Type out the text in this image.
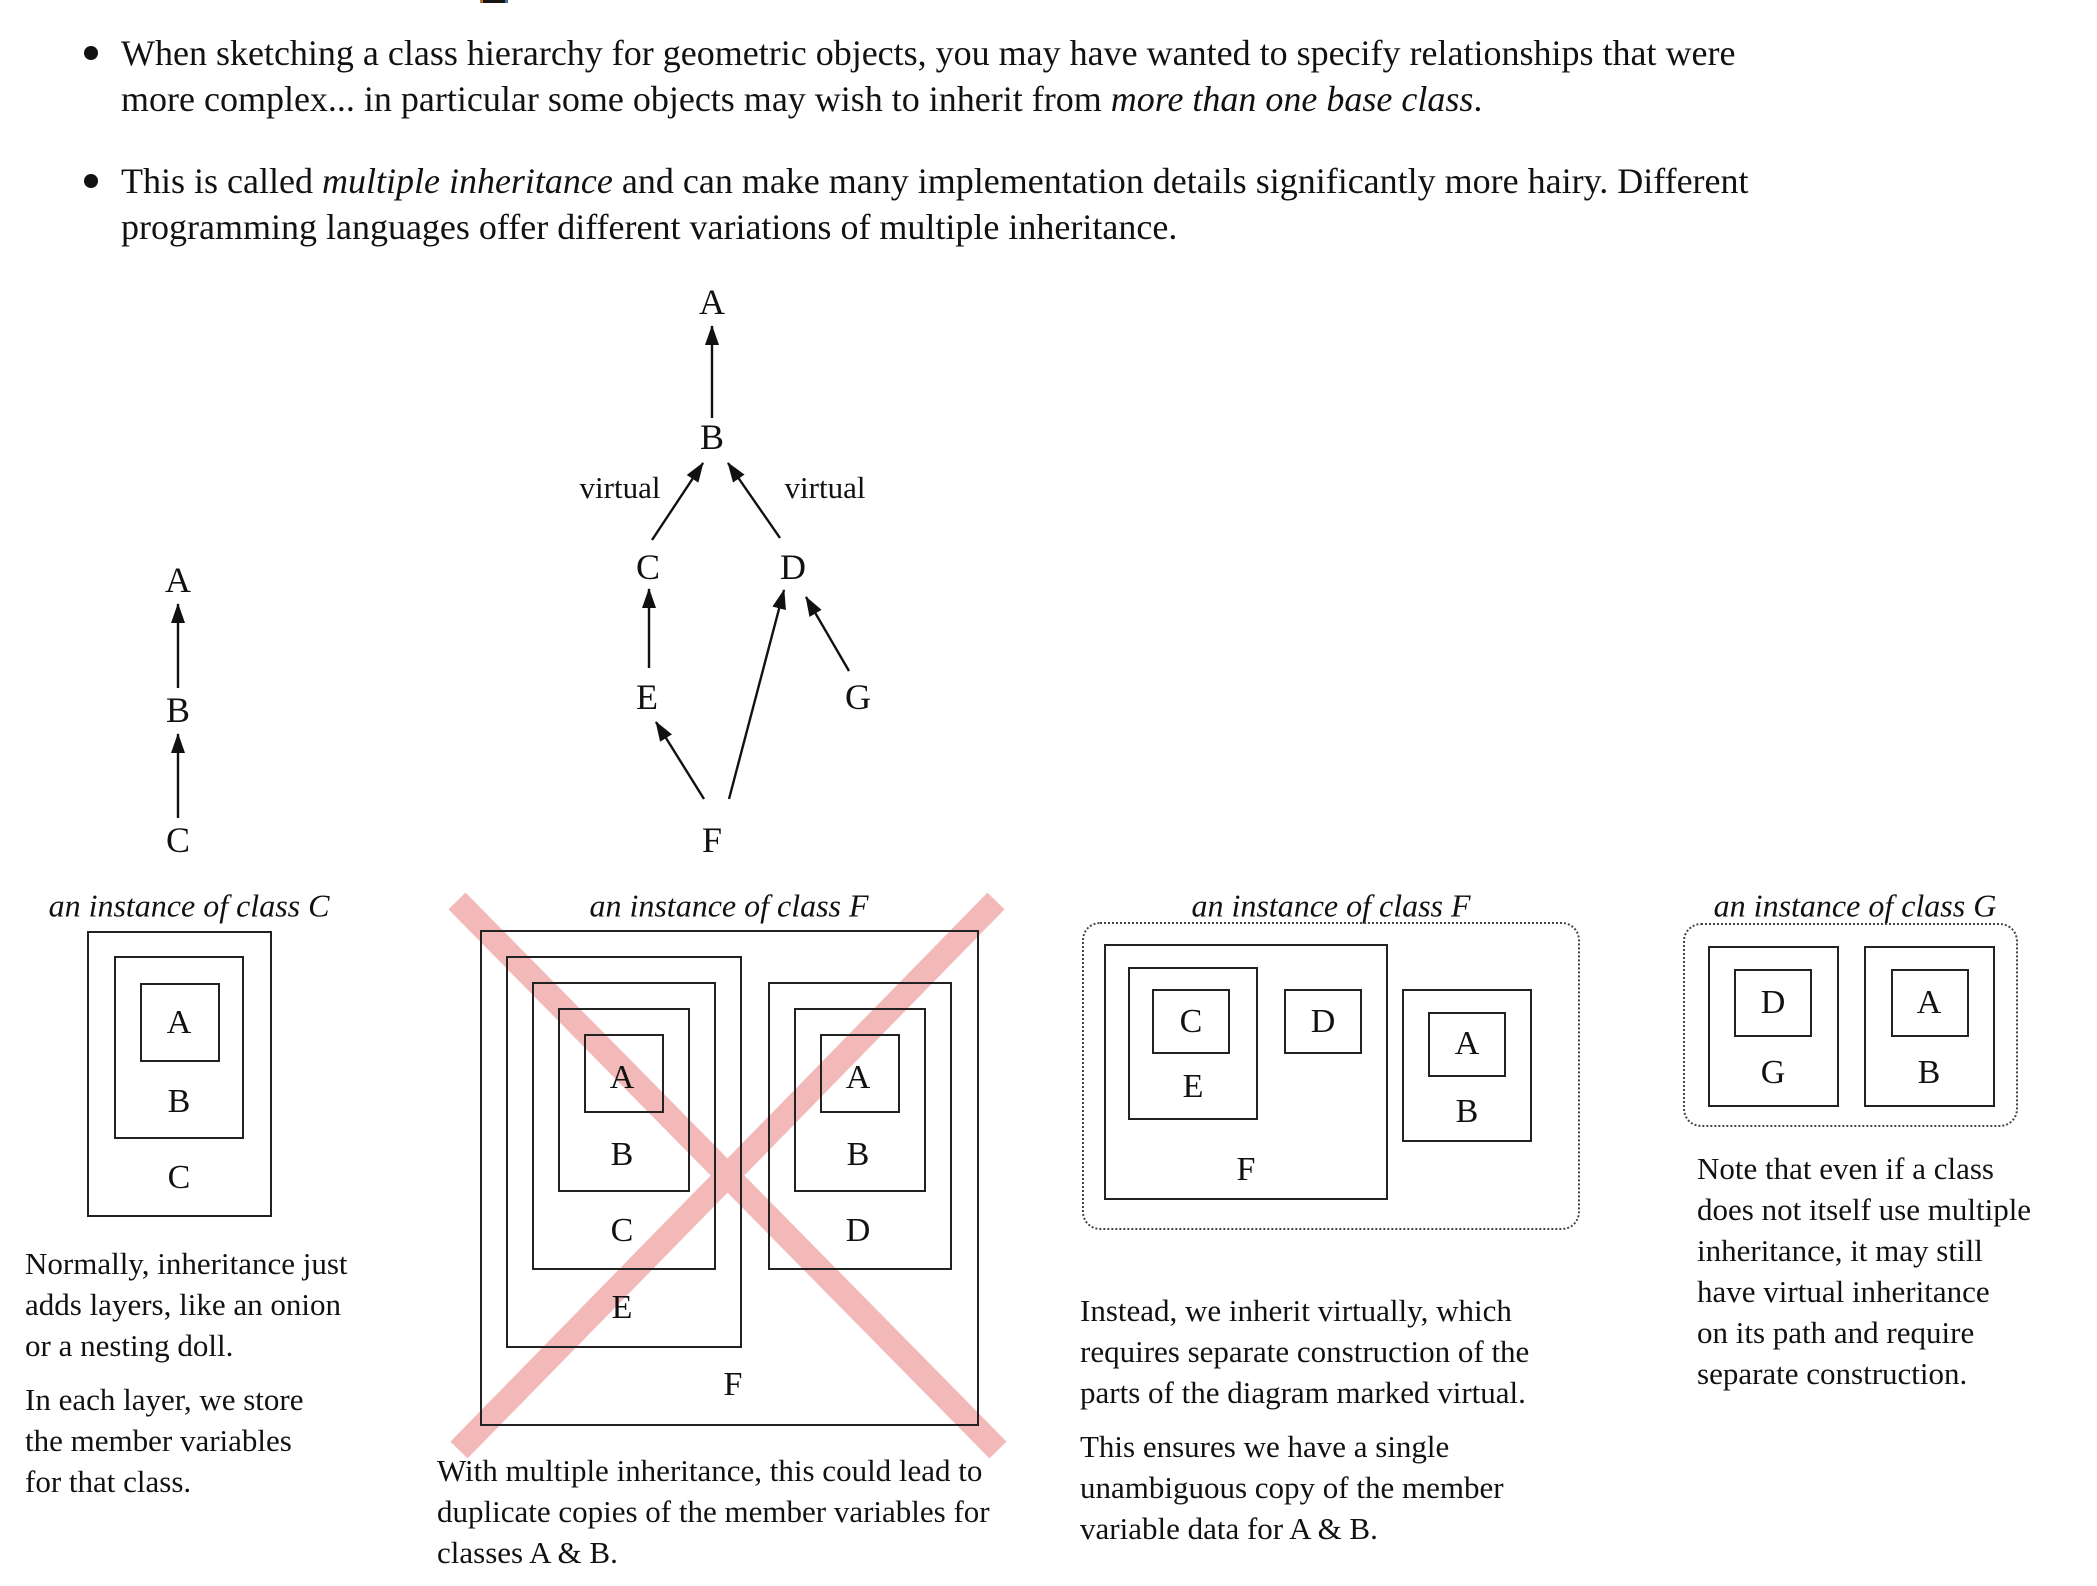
When sketching a class hierarchy for geometric objects, you may have wanted to specify relationships that were
more complex... in particular some objects may wish to inherit from more than one base class.
This is called multiple inheritance and can make many implementation details significantly more hairy. Different
programming languages offer different variations of multiple inheritance.
A
B
C
A
B
C	D
E	G
F
virtual	virtual
an instance of class C
C
B
A
Normally, inheritance just
adds layers, like an onion
or a nesting doll.
In each layer, we store
the member variables
for that class.
an instance of class F
F
E
C
B
A
D
B
A
With multiple inheritance, this could lead to
duplicate copies of the member variables for
classes A & B.
an instance of class F
F
E
C	D
B
A
Instead, we inherit virtually, which
requires separate construction of the
parts of the diagram marked virtual.
This ensures we have a single
unambiguous copy of the member
variable data for A & B.
an instance of class G
G
D
B
A
Note that even if a class
does not itself use multiple
inheritance, it may still
have virtual inheritance
on its path and require
separate construction.
